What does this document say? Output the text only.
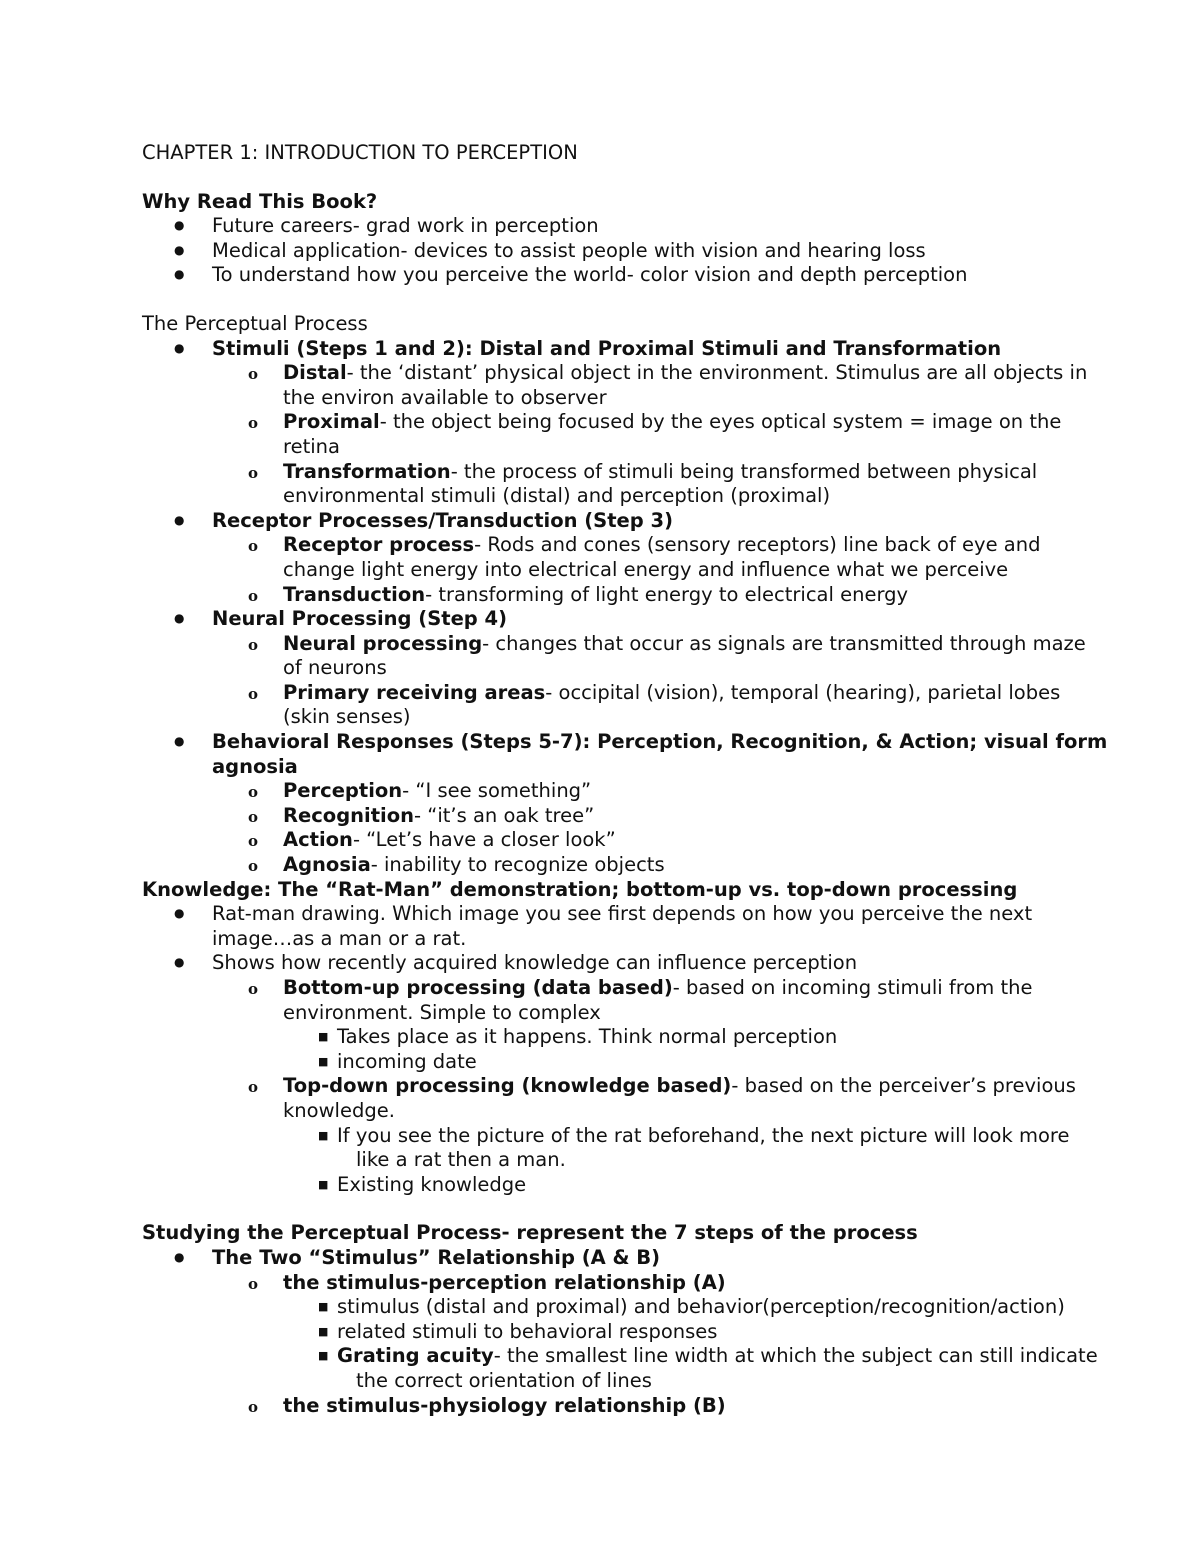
CHAPTER 1: INTRODUCTION TO PERCEPTION
Why Read This Book?
●
Future careers- grad work in perception
●
Medical application- devices to assist people with vision and hearing loss
●
To understand how you perceive the world- color vision and depth perception
The Perceptual Process
●
Stimuli (Steps 1 and 2): Distal and Proximal Stimuli and Transformation
o
Distal- the ‘distant’ physical object in the environment. Stimulus are all objects in
the environ available to observer
o
Proximal- the object being focused by the eyes optical system = image on the
retina
o
Transformation- the process of stimuli being transformed between physical
environmental stimuli (distal) and perception (proximal)
●
Receptor Processes/Transduction (Step 3)
o
Receptor process- Rods and cones (sensory receptors) line back of eye and
change light energy into electrical energy and influence what we perceive
o
Transduction- transforming of light energy to electrical energy
●
Neural Processing (Step 4)
o
Neural processing- changes that occur as signals are transmitted through maze
of neurons
o
Primary receiving areas- occipital (vision), temporal (hearing), parietal lobes
(skin senses)
●
Behavioral Responses (Steps 5-7): Perception, Recognition, & Action; visual form
agnosia
o
Perception- “I see something”
o
Recognition- “it’s an oak tree”
o
Action- “Let’s have a closer look”
o
Agnosia- inability to recognize objects
Knowledge: The “Rat-Man” demonstration; bottom-up vs. top-down processing
●
Rat-man drawing. Which image you see first depends on how you perceive the next
image…as a man or a rat.
●
Shows how recently acquired knowledge can influence perception
o
Bottom-up processing (data based)- based on incoming stimuli from the
environment. Simple to complex
■
Takes place as it happens. Think normal perception
■
incoming date
o
Top-down processing (knowledge based)- based on the perceiver’s previous
knowledge.
■
If you see the picture of the rat beforehand, the next picture will look more
like a rat then a man.
■
Existing knowledge
Studying the Perceptual Process- represent the 7 steps of the process
●
The Two “Stimulus” Relationship (A & B)
o
the stimulus-perception relationship (A)
■
stimulus (distal and proximal) and behavior(perception/recognition/action)
■
related stimuli to behavioral responses
■
Grating acuity- the smallest line width at which the subject can still indicate
the correct orientation of lines
o
the stimulus-physiology relationship (B)
